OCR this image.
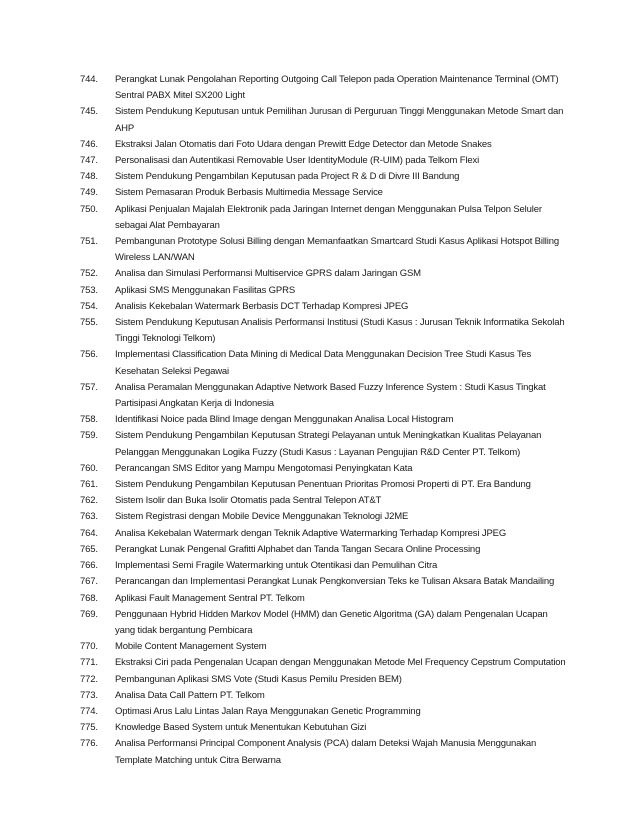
744.	Perangkat Lunak Pengolahan Reporting Outgoing Call Telepon pada Operation Maintenance Terminal (OMT) Sentral PABX Mitel SX200 Light
745.	Sistem Pendukung Keputusan untuk Pemilihan Jurusan di Perguruan Tinggi Menggunakan Metode Smart dan AHP
746.	Ekstraksi Jalan Otomatis dari Foto Udara dengan Prewitt Edge Detector dan Metode Snakes
747.	Personalisasi dan Autentikasi Removable User IdentityModule (R-UIM) pada Telkom Flexi
748.	Sistem Pendukung Pengambilan Keputusan pada Project R & D di Divre III Bandung
749.	Sistem Pemasaran Produk Berbasis Multimedia Message Service
750.	Aplikasi Penjualan Majalah Elektronik pada Jaringan Internet dengan Menggunakan Pulsa Telpon Seluler sebagai Alat Pembayaran
751.	Pembangunan Prototype Solusi Billing dengan Memanfaatkan Smartcard Studi Kasus Aplikasi Hotspot Billing Wireless LAN/WAN
752.	Analisa dan Simulasi Performansi Multiservice GPRS dalam Jaringan GSM
753.	Aplikasi SMS Menggunakan Fasilitas GPRS
754.	Analisis Kekebalan Watermark Berbasis DCT Terhadap Kompresi JPEG
755.	Sistem Pendukung Keputusan Analisis Performansi Institusi (Studi Kasus : Jurusan Teknik Informatika Sekolah Tinggi Teknologi Telkom)
756.	Implementasi Classification Data Mining di Medical Data Menggunakan Decision Tree Studi Kasus Tes Kesehatan Seleksi Pegawai
757.	Analisa Peramalan Menggunakan Adaptive Network Based Fuzzy Inference System : Studi Kasus Tingkat Partisipasi Angkatan Kerja di Indonesia
758.	Identifikasi Noice pada Blind Image dengan Menggunakan Analisa Local Histogram
759.	Sistem Pendukung Pengambilan Keputusan Strategi Pelayanan untuk Meningkatkan Kualitas Pelayanan Pelanggan Menggunakan Logika Fuzzy (Studi Kasus : Layanan Pengujian R&D Center PT. Telkom)
760.	Perancangan SMS Editor yang Mampu Mengotomasi Penyingkatan Kata
761.	Sistem Pendukung Pengambilan Keputusan Penentuan Prioritas Promosi Properti di PT. Era Bandung
762.	Sistem Isolir dan Buka Isolir Otomatis pada Sentral Telepon AT&T
763.	Sistem Registrasi dengan Mobile Device Menggunakan Teknologi J2ME
764.	Analisa Kekebalan Watermark dengan Teknik Adaptive Watermarking Terhadap Kompresi JPEG
765.	Perangkat Lunak Pengenal Grafitti Alphabet dan Tanda Tangan Secara Online Processing
766.	Implementasi Semi Fragile Watermarking untuk Otentikasi dan Pemulihan Citra
767.	Perancangan dan Implementasi Perangkat Lunak Pengkonversian Teks ke Tulisan Aksara Batak Mandailing
768.	Aplikasi Fault Management Sentral PT. Telkom
769.	Penggunaan Hybrid Hidden Markov Model (HMM) dan Genetic Algoritma (GA) dalam Pengenalan Ucapan yang tidak bergantung Pembicara
770.	Mobile Content Management System
771.	Ekstraksi Ciri pada Pengenalan Ucapan dengan Menggunakan Metode Mel Frequency Cepstrum Computation
772.	Pembangunan Aplikasi SMS Vote (Studi Kasus Pemilu Presiden BEM)
773.	Analisa Data Call Pattern PT. Telkom
774.	Optimasi Arus Lalu Lintas Jalan Raya Menggunakan Genetic Programming
775.	Knowledge Based System untuk Menentukan Kebutuhan Gizi
776.	Analisa Performansi Principal Component Analysis (PCA) dalam Deteksi Wajah Manusia Menggunakan Template Matching untuk Citra Berwarna
